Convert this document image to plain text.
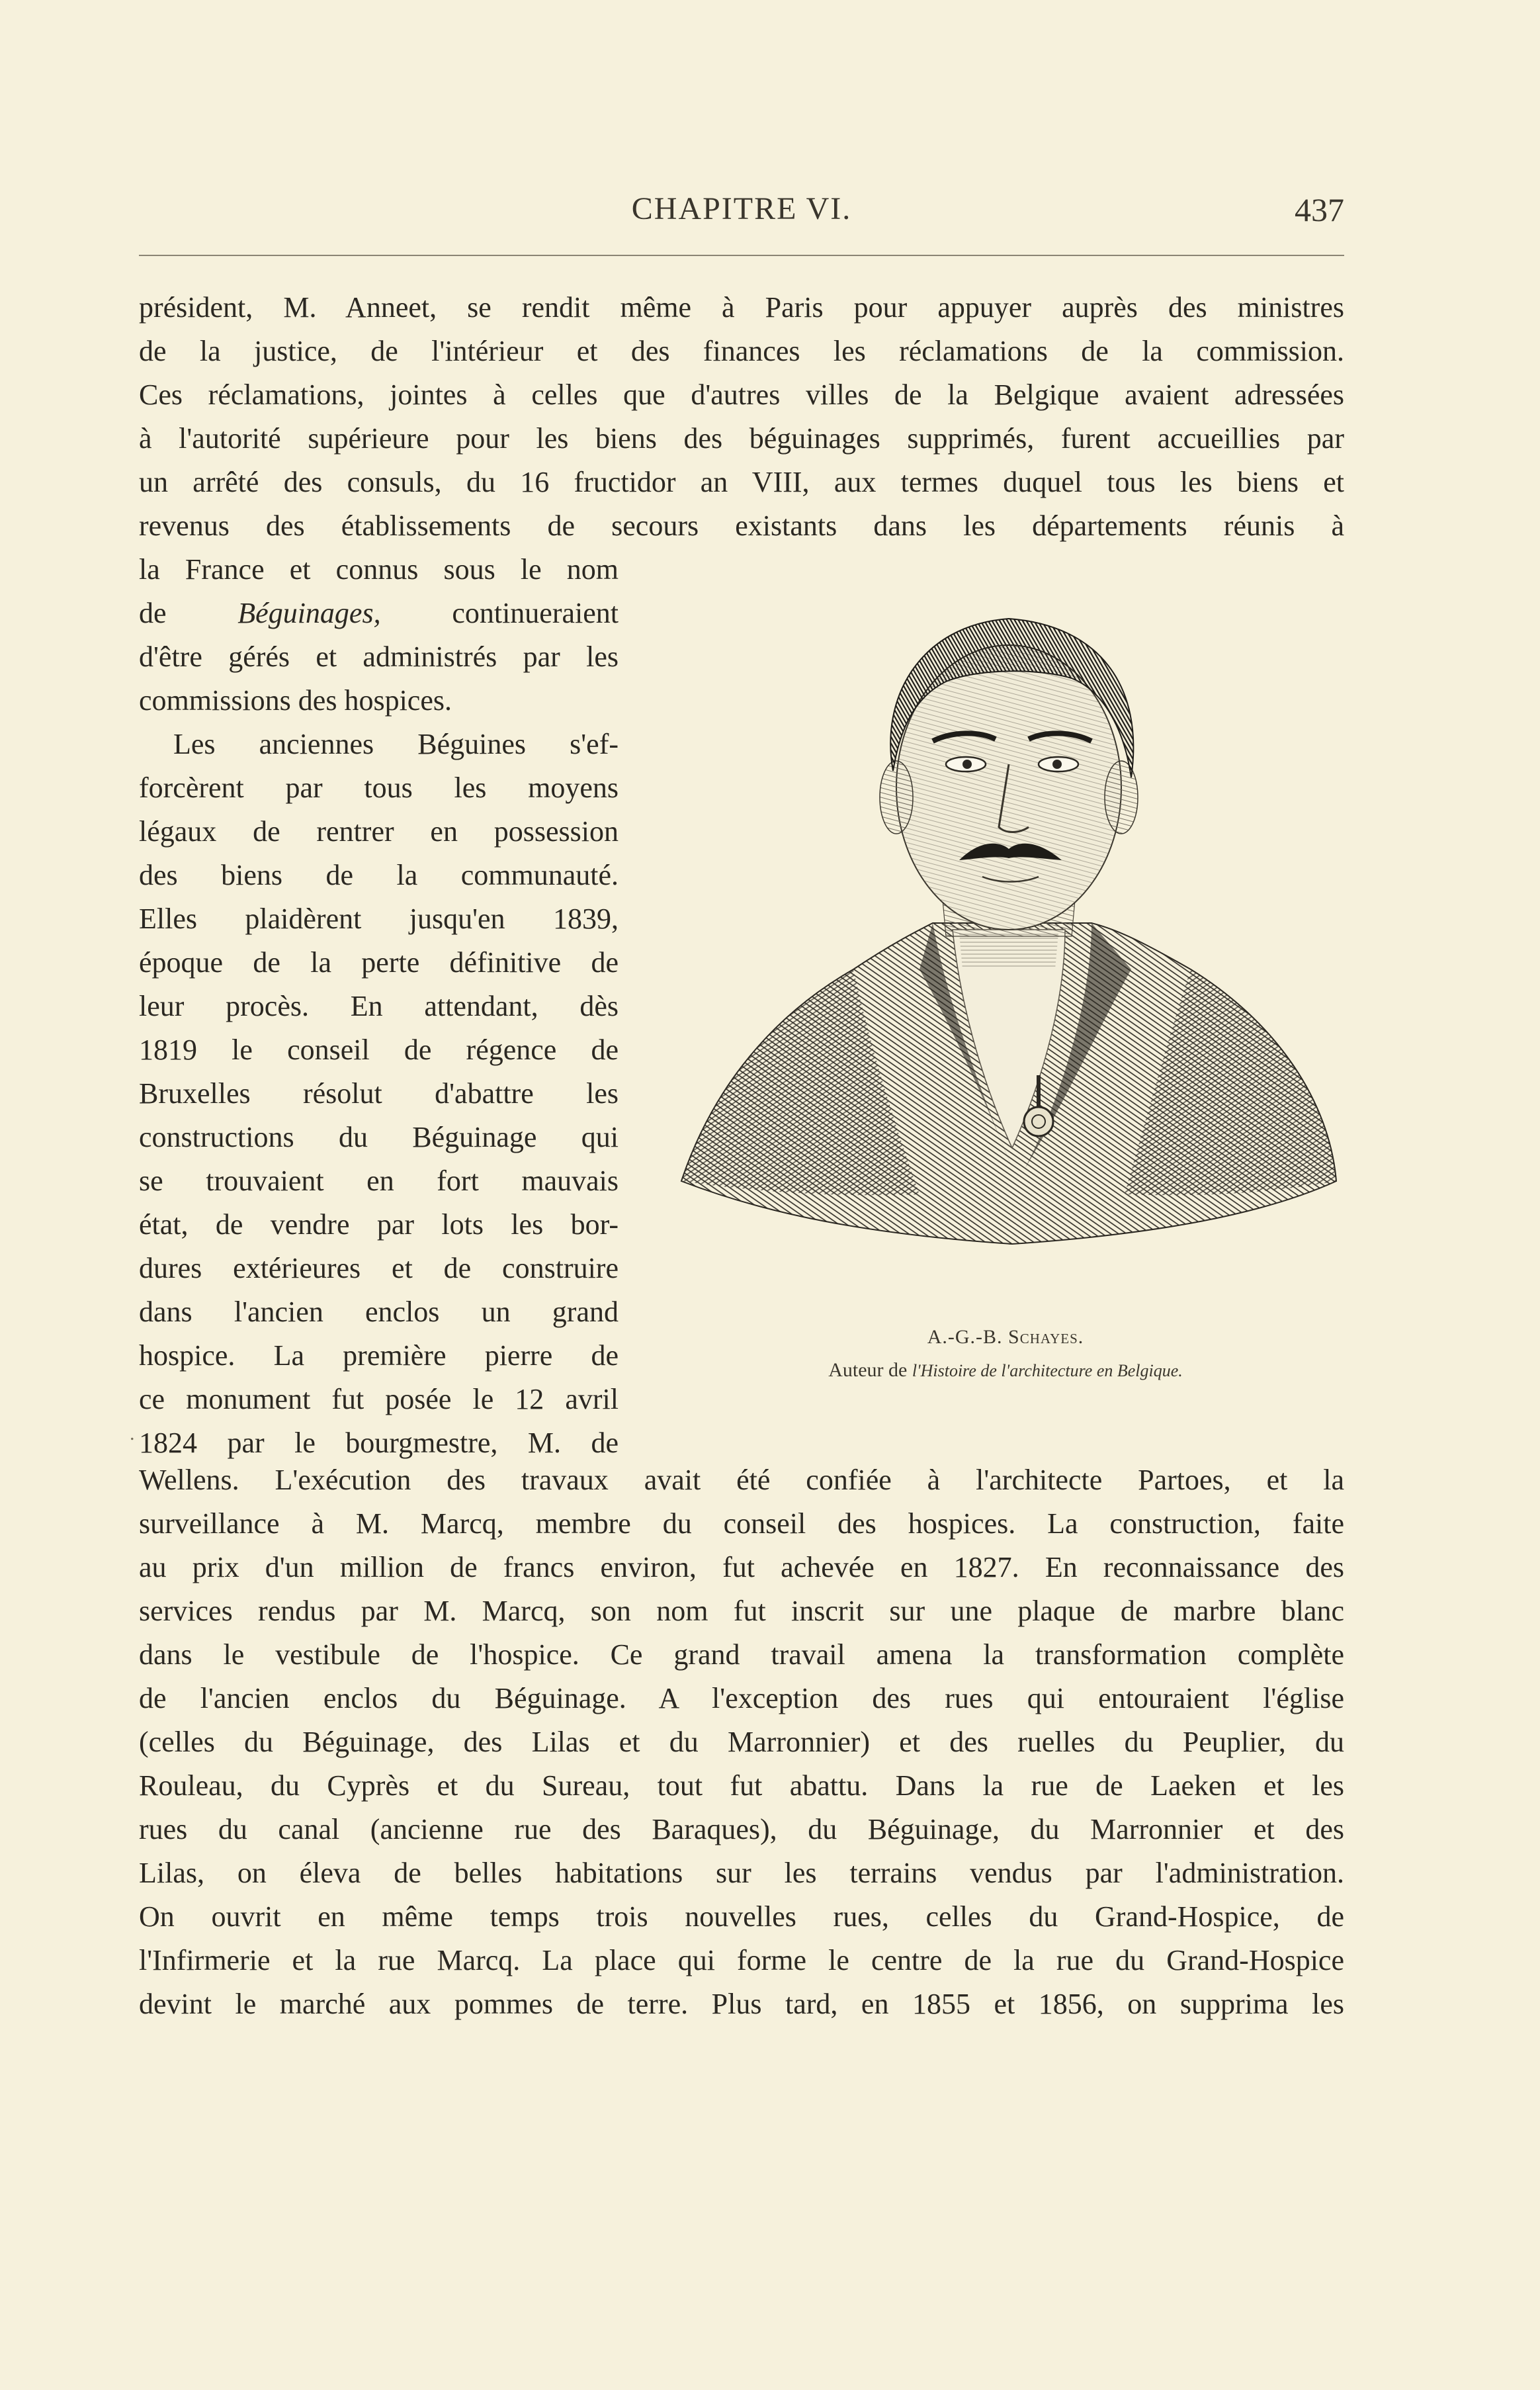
CHAPITRE VI.	437
président, M. Anneet, se rendit même à Paris pour appuyer auprès des ministres
de la justice, de l'intérieur et des finances les réclamations de la commission.
Ces réclamations, jointes à celles que d'autres villes de la Belgique avaient adressées
à l'autorité supérieure pour les biens des béguinages supprimés, furent accueillies par
un arrêté des consuls, du 16 fructidor an VIII, aux termes duquel tous les biens et
revenus des établissements de secours existants dans les départements réunis à
la France et connus sous le nom
de Béguinages, continueraient
d'être gérés et administrés par les
commissions des hospices.
Les anciennes Béguines s'ef-
forcèrent par tous les moyens
légaux de rentrer en possession
des biens de la communauté.
Elles plaidèrent jusqu'en 1839,
époque de la perte définitive de
leur procès. En attendant, dès
1819 le conseil de régence de
Bruxelles résolut d'abattre les
constructions du Béguinage qui
se trouvaient en fort mauvais
état, de vendre par lots les bor-
dures extérieures et de construire
dans l'ancien enclos un grand
hospice. La première pierre de
ce monument fut posée le 12 avril
1824 par le bourgmestre, M. de
.
Wellens. L'exécution des travaux avait été confiée à l'architecte Partoes, et la
surveillance à M. Marcq, membre du conseil des hospices. La construction, faite
au prix d'un million de francs environ, fut achevée en 1827. En reconnaissance des
services rendus par M. Marcq, son nom fut inscrit sur une plaque de marbre blanc
dans le vestibule de l'hospice. Ce grand travail amena la transformation complète
de l'ancien enclos du Béguinage. A l'exception des rues qui entouraient l'église
(celles du Béguinage, des Lilas et du Marronnier) et des ruelles du Peuplier, du
Rouleau, du Cyprès et du Sureau, tout fut abattu. Dans la rue de Laeken et les
rues du canal (ancienne rue des Baraques), du Béguinage, du Marronnier et des
Lilas, on éleva de belles habitations sur les terrains vendus par l'administration.
On ouvrit en même temps trois nouvelles rues, celles du Grand-Hospice, de
l'Infirmerie et la rue Marcq. La place qui forme le centre de la rue du Grand-Hospice
devint le marché aux pommes de terre. Plus tard, en 1855 et 1856, on supprima les
A.-G.-B. Schayes.
Auteur de l'Histoire de l'architecture en Belgique.
